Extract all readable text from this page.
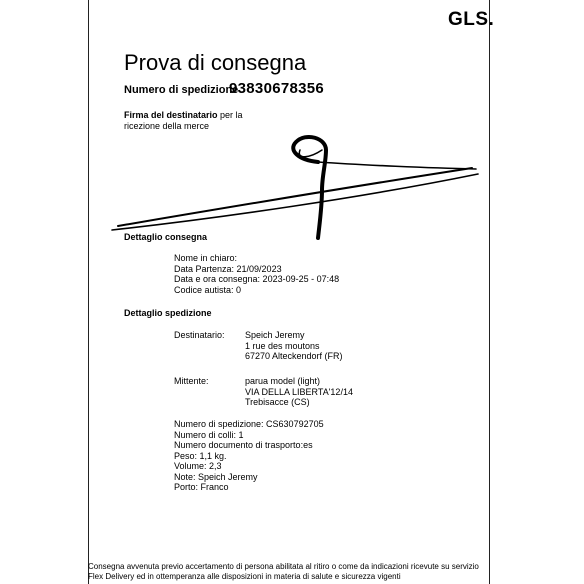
GLS.
Prova di consegna
Numero di spedizione
93830678356
Firma del destinatario per la ricezione della merce
Dettaglio consegna
Nome in chiaro:
Data Partenza: 21/09/2023
Data e ora consegna: 2023-09-25 - 07:48
Codice autista: 0
Dettaglio spedizione
Destinatario: Speich Jeremy
1 rue des moutons
67270 Alteckendorf (FR)
Mittente:	parua model (light)
VIA DELLA LIBERTA'12/14
Trebisacce (CS)
Numero di spedizione: CS630792705
Numero di colli: 1
Numero documento di trasporto:es
Peso: 1,1 kg.
Volume: 2,3
Note: Speich Jeremy
Porto: Franco
Consegna avvenuta previo accertamento di persona abilitata al ritiro o come da indicazioni ricevute su servizio Flex Delivery ed in ottemperanza alle disposizioni in materia di salute e sicurezza vigenti
